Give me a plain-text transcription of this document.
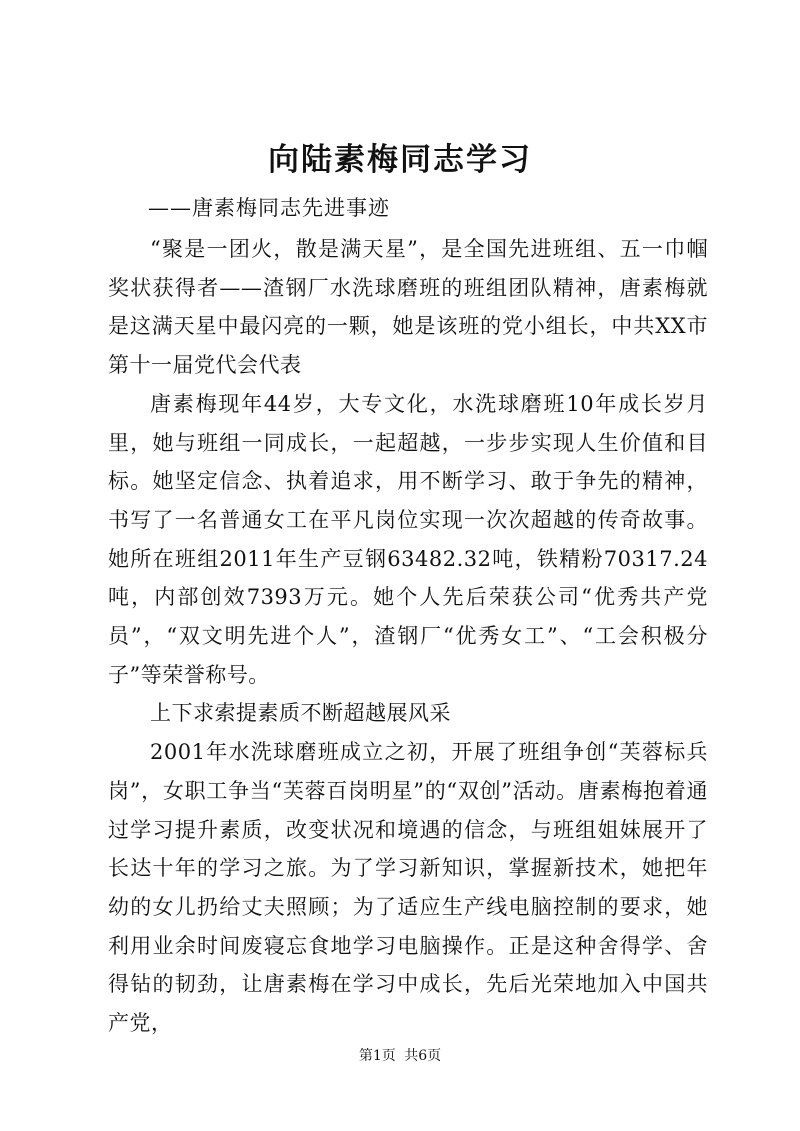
向陆素梅同志学习

——唐素梅同志先进事迹

“聚是一团火，散是满天星”，是全国先进班组、五一巾帼奖状获得者——渣钢厂水洗球磨班的班组团队精神，唐素梅就是这满天星中最闪亮的一颗，她是该班的党小组长，中共XX市第十一届党代会代表

唐素梅现年44岁，大专文化，水洗球磨班10年成长岁月里，她与班组一同成长，一起超越，一步步实现人生价值和目标。她坚定信念、执着追求，用不断学习、敢于争先的精神，书写了一名普通女工在平凡岗位实现一次次超越的传奇故事。她所在班组2011年生产豆钢63482.32吨，铁精粉70317.24吨，内部创效7393万元。她个人先后荣获公司“优秀共产党员”，“双文明先进个人”，渣钢厂“优秀女工”、“工会积极分子”等荣誉称号。

上下求索提素质不断超越展风采

2001年水洗球磨班成立之初，开展了班组争创“芙蓉标兵岗”，女职工争当“芙蓉百岗明星”的“双创”活动。唐素梅抱着通过学习提升素质，改变状况和境遇的信念，与班组姐妹展开了长达十年的学习之旅。为了学习新知识，掌握新技术，她把年幼的女儿扔给丈夫照顾；为了适应生产线电脑控制的要求，她利用业余时间废寝忘食地学习电脑操作。正是这种舍得学、舍得钻的韧劲，让唐素梅在学习中成长，先后光荣地加入中国共产党，

第1页 共6页
